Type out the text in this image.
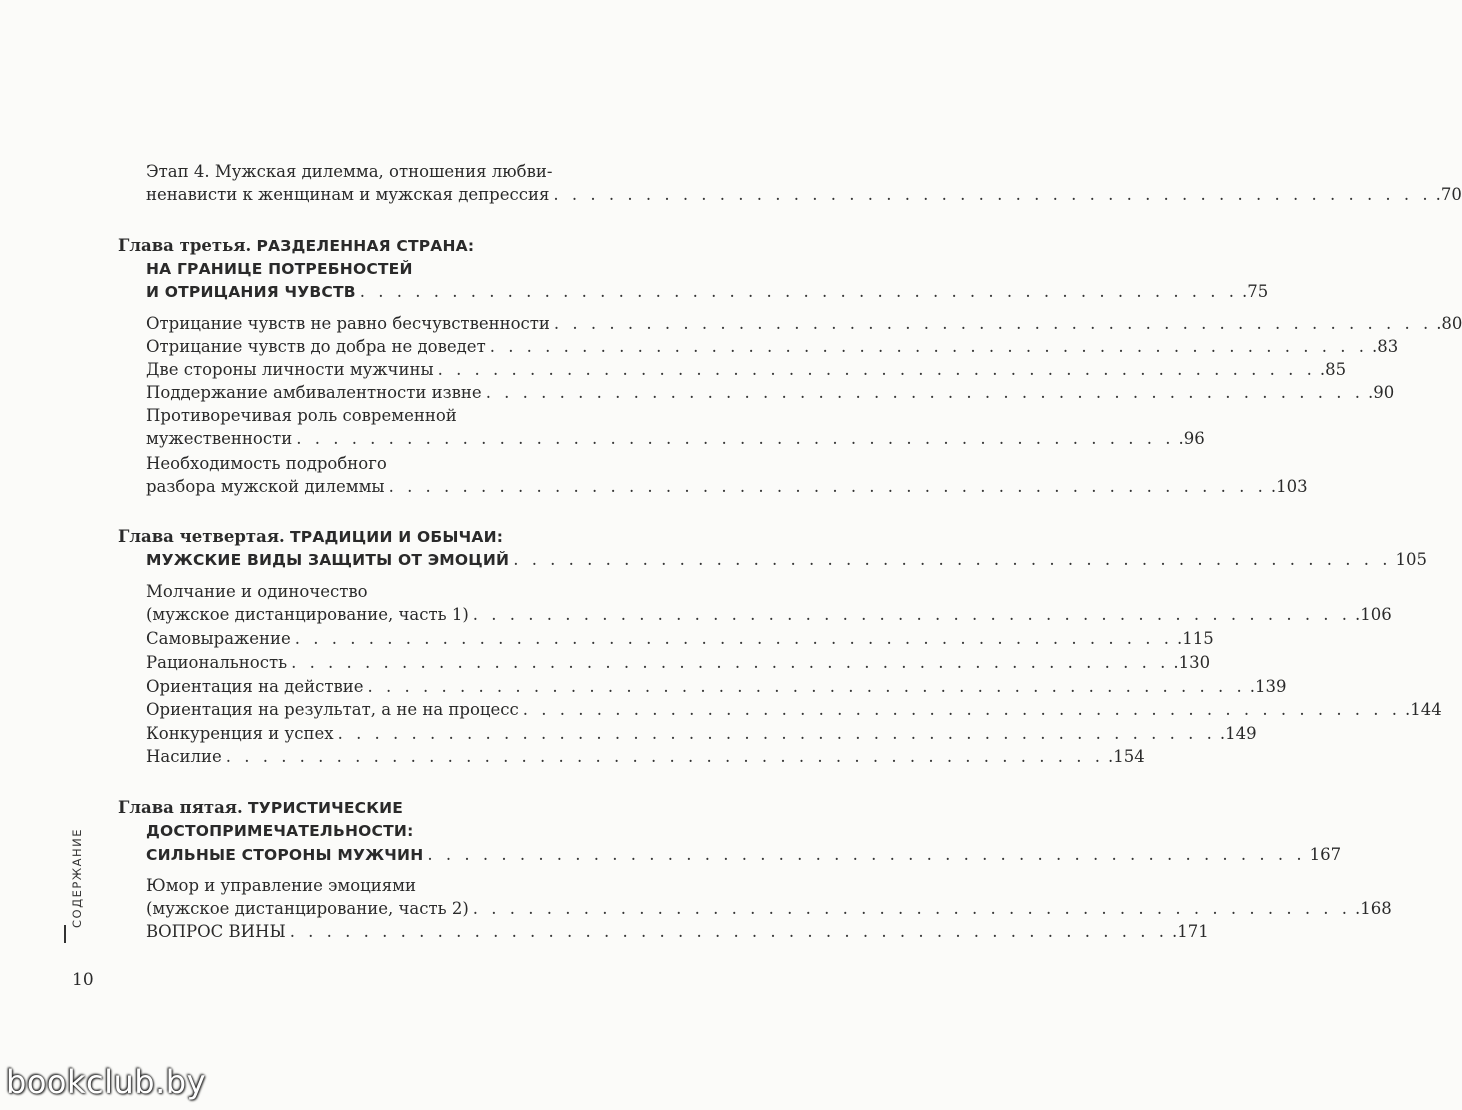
Этап 4. Мужская дилемма, отношения любви-
ненависти к женщинам и мужская депрессия . . . . . . . . . . . . . . . . . . . . . . . . . . . . . . . . . . . . . . . . . . . . . . . . .70
Глава третья. РАЗДЕЛЕННАЯ СТРАНА:
НА ГРАНИЦЕ ПОТРЕБНОСТЕЙ
И ОТРИЦАНИЯ ЧУВСТВ . . . . . . . . . . . . . . . . . . . . . . . . . . . . . . . . . . . . . . . . . . . . . . . . .75
Отрицание чувств не равно бесчувственности . . . . . . . . . . . . . . . . . . . . . . . . . . . . . . . . . . . . . . . . . . . . . . . . .80
Отрицание чувств до добра не доведет . . . . . . . . . . . . . . . . . . . . . . . . . . . . . . . . . . . . . . . . . . . . . . . . .83
Две стороны личности мужчины . . . . . . . . . . . . . . . . . . . . . . . . . . . . . . . . . . . . . . . . . . . . . . . . .85
Поддержание амбивалентности извне . . . . . . . . . . . . . . . . . . . . . . . . . . . . . . . . . . . . . . . . . . . . . . . . .90
Противоречивая роль современной
мужественности . . . . . . . . . . . . . . . . . . . . . . . . . . . . . . . . . . . . . . . . . . . . . . . . .96
Необходимость подробного
разбора мужской дилеммы . . . . . . . . . . . . . . . . . . . . . . . . . . . . . . . . . . . . . . . . . . . . . . . . .103
Глава четвертая. ТРАДИЦИИ И ОБЫЧАИ:
МУЖСКИЕ ВИДЫ ЗАЩИТЫ ОТ ЭМОЦИЙ . . . . . . . . . . . . . . . . . . . . . . . . . . . . . . . . . . . . . . . . . . . . . . . . 105
Молчание и одиночество
(мужское дистанцирование, часть 1) . . . . . . . . . . . . . . . . . . . . . . . . . . . . . . . . . . . . . . . . . . . . . . . . .106
Самовыражение . . . . . . . . . . . . . . . . . . . . . . . . . . . . . . . . . . . . . . . . . . . . . . . . .115
Рациональность . . . . . . . . . . . . . . . . . . . . . . . . . . . . . . . . . . . . . . . . . . . . . . . . .130
Ориентация на действие . . . . . . . . . . . . . . . . . . . . . . . . . . . . . . . . . . . . . . . . . . . . . . . . .139
Ориентация на результат, а не на процесс . . . . . . . . . . . . . . . . . . . . . . . . . . . . . . . . . . . . . . . . . . . . . . . . .144
Конкуренция и успех . . . . . . . . . . . . . . . . . . . . . . . . . . . . . . . . . . . . . . . . . . . . . . . . .149
Насилие . . . . . . . . . . . . . . . . . . . . . . . . . . . . . . . . . . . . . . . . . . . . . . . . .154
Глава пятая. ТУРИСТИЧЕСКИЕ
ДОСТОПРИМЕЧАТЕЛЬНОСТИ:
СИЛЬНЫЕ СТОРОНЫ МУЖЧИН . . . . . . . . . . . . . . . . . . . . . . . . . . . . . . . . . . . . . . . . . . . . . . . . 167
Юмор и управление эмоциями
(мужское дистанцирование, часть 2) . . . . . . . . . . . . . . . . . . . . . . . . . . . . . . . . . . . . . . . . . . . . . . . . .168
ВОПРОС ВИНЫ . . . . . . . . . . . . . . . . . . . . . . . . . . . . . . . . . . . . . . . . . . . . . . . . .171
СОДЕРЖАНИЕ
10
bookclub.by
